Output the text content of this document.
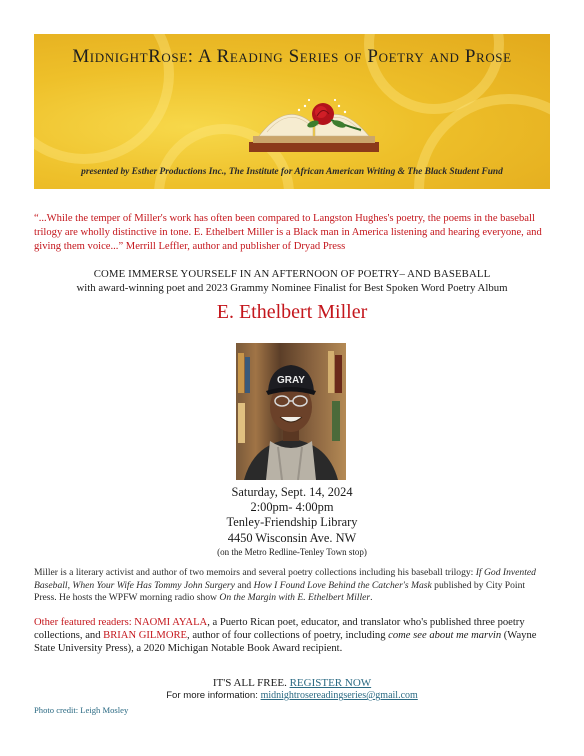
MidnightRose: A Reading Series of Poetry and Prose
presented by Esther Productions Inc., The Institute for African American Writing & The Black Student Fund
“...While the temper of Miller's work has often been compared to Langston Hughes's poetry, the poems in the baseball trilogy are wholly distinctive in tone. E. Ethelbert Miller is a Black man in America listening and hearing everyone, and giving them voice...” Merrill Leffler, author and publisher of Dryad Press
COME IMMERSE YOURSELF IN AN AFTERNOON OF POETRY– AND BASEBALL
with award-winning poet and 2023 Grammy Nominee Finalist for Best Spoken Word Poetry Album
E. Ethelbert Miller
GRAY
Saturday, Sept. 14, 2024
2:00pm- 4:00pm
Tenley-Friendship Library
4450 Wisconsin Ave. NW
(on the Metro Redline-Tenley Town stop)
Miller is a literary activist and author of two memoirs and several poetry collections including his baseball trilogy: If God Invented Baseball, When Your Wife Has Tommy John Surgery and How I Found Love Behind the Catcher's Mask published by City Point Press. He hosts the WPFW morning radio show On the Margin with E. Ethelbert Miller.
Other featured readers: NAOMI AYALA, a Puerto Rican poet, educator, and translator who's published three poetry collections, and BRIAN GILMORE, author of four collections of poetry, including come see about me marvin (Wayne State University Press), a 2020 Michigan Notable Book Award recipient.
IT'S ALL FREE. REGISTER NOW
For more information: midnightrosereadingseries@gmail.com
Photo credit: Leigh Mosley
